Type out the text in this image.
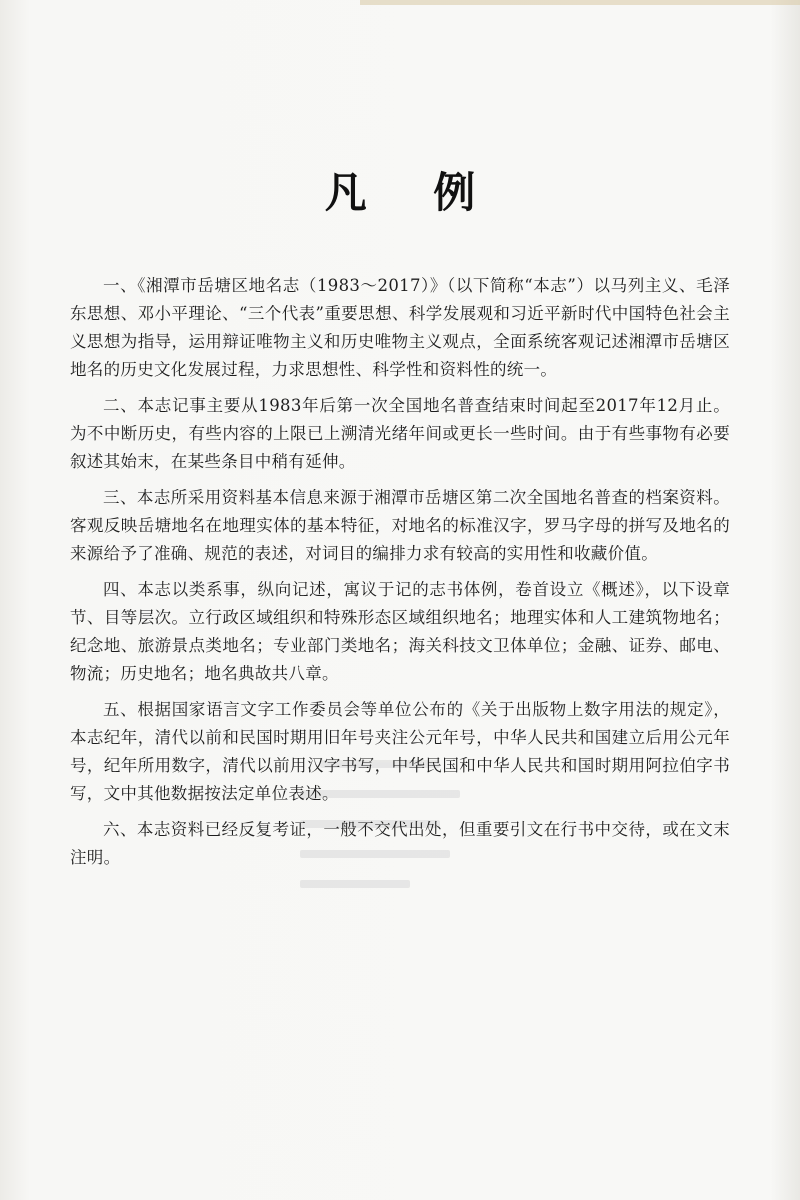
凡 例

一、《湘潭市岳塘区地名志（1983～2017）》（以下简称“本志”）以马列主义、毛泽东思想、邓小平理论、“三个代表”重要思想、科学发展观和习近平新时代中国特色社会主义思想为指导，运用辩证唯物主义和历史唯物主义观点，全面系统客观记述湘潭市岳塘区地名的历史文化发展过程，力求思想性、科学性和资料性的统一。

二、本志记事主要从1983年后第一次全国地名普查结束时间起至2017年12月止。为不中断历史，有些内容的上限已上溯清光绪年间或更长一些时间。由于有些事物有必要叙述其始末，在某些条目中稍有延伸。

三、本志所采用资料基本信息来源于湘潭市岳塘区第二次全国地名普查的档案资料。客观反映岳塘地名在地理实体的基本特征，对地名的标准汉字，罗马字母的拼写及地名的来源给予了准确、规范的表述，对词目的编排力求有较高的实用性和收藏价值。

四、本志以类系事，纵向记述，寓议于记的志书体例，卷首设立《概述》，以下设章节、目等层次。立行政区域组织和特殊形态区域组织地名；地理实体和人工建筑物地名；纪念地、旅游景点类地名；专业部门类地名；海关科技文卫体单位；金融、证券、邮电、物流；历史地名；地名典故共八章。

五、根据国家语言文字工作委员会等单位公布的《关于出版物上数字用法的规定》，本志纪年，清代以前和民国时期用旧年号夹注公元年号，中华人民共和国建立后用公元年号，纪年所用数字，清代以前用汉字书写，中华民国和中华人民共和国时期用阿拉伯字书写，文中其他数据按法定单位表述。

六、本志资料已经反复考证，一般不交代出处，但重要引文在行书中交待，或在文末注明。
